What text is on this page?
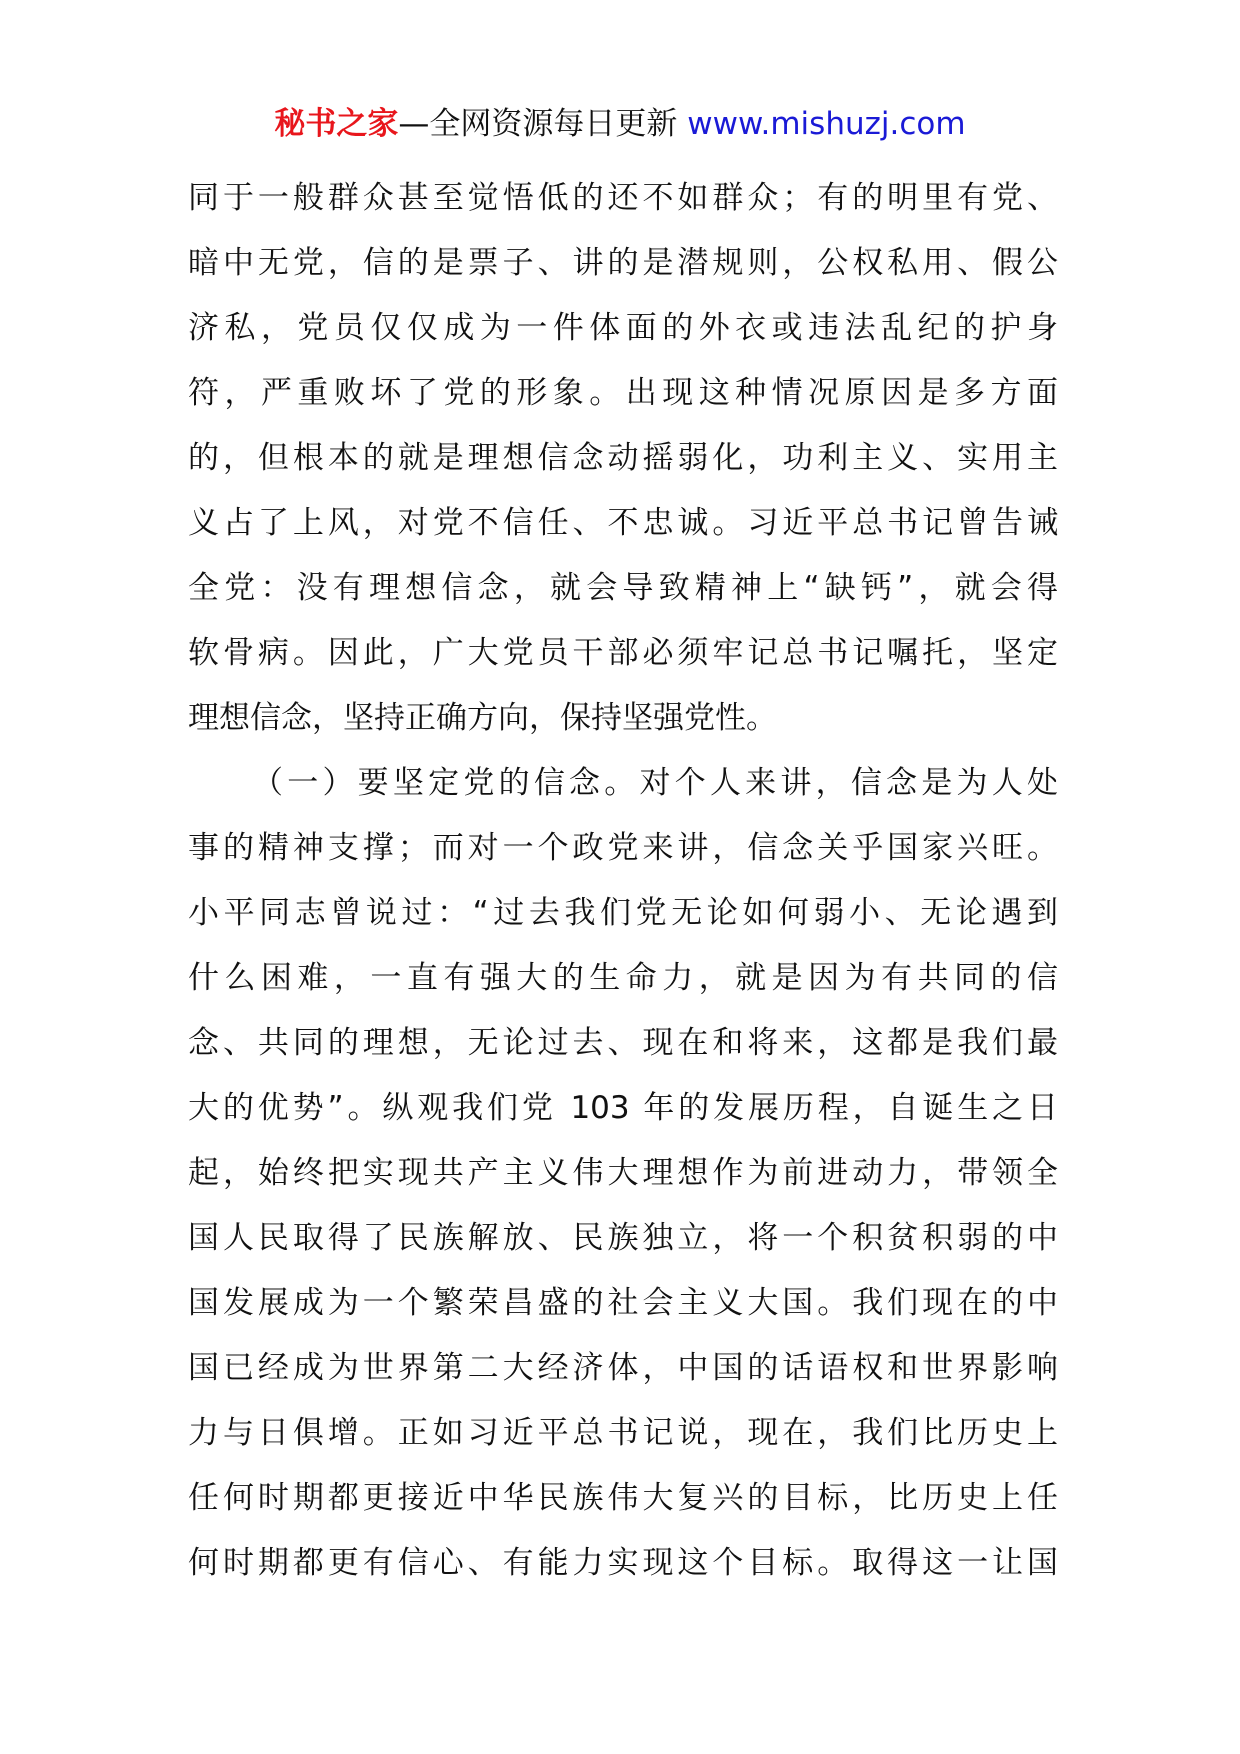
秘书之家—全网资源每日更新 www.mishuzj.com
同于一般群众甚至觉悟低的还不如群众；有的明里有党、
暗中无党，信的是票子、讲的是潜规则，公权私用、假公
济私，党员仅仅成为一件体面的外衣或违法乱纪的护身
符，严重败坏了党的形象。出现这种情况原因是多方面
的，但根本的就是理想信念动摇弱化，功利主义、实用主
义占了上风，对党不信任、不忠诚。习近平总书记曾告诫
全党：没有理想信念，就会导致精神上“缺钙”，就会得
软骨病。因此，广大党员干部必须牢记总书记嘱托，坚定
理想信念，坚持正确方向，保持坚强党性。
（一）要坚定党的信念。对个人来讲，信念是为人处
事的精神支撑；而对一个政党来讲，信念关乎国家兴旺。
小平同志曾说过：“过去我们党无论如何弱小、无论遇到
什么困难，一直有强大的生命力，就是因为有共同的信
念、共同的理想，无论过去、现在和将来，这都是我们最
大的优势”。纵观我们党 103 年的发展历程，自诞生之日
起，始终把实现共产主义伟大理想作为前进动力，带领全
国人民取得了民族解放、民族独立，将一个积贫积弱的中
国发展成为一个繁荣昌盛的社会主义大国。我们现在的中
国已经成为世界第二大经济体，中国的话语权和世界影响
力与日俱增。正如习近平总书记说，现在，我们比历史上
任何时期都更接近中华民族伟大复兴的目标，比历史上任
何时期都更有信心、有能力实现这个目标。取得这一让国
